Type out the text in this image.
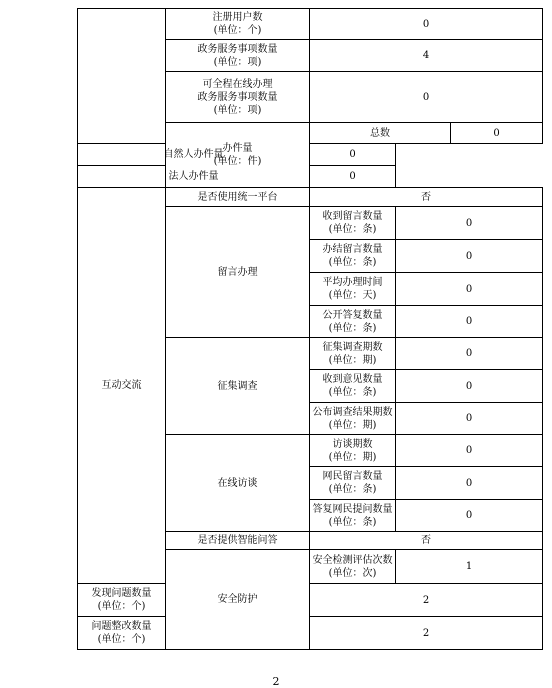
	注册用户数
(单位：个)	0		

	政务服务事项数量
(单位：项)	4		

	可全程在线办理
政务服务事项数量
(单位：项)	0		

	办件量
(单位：件)	总数		0
自然人办件量		0		
法人办件量		0		
互动交流	是否使用统一平台	否		
	留言办理	收到留言数量
(单位：条)	0	

		办结留言数量
(单位：条)	0	

		平均办理时间
(单位：天)	0	

		公开答复数量
(单位：条)	0	
	征集调查	征集调查期数
(单位：期)	0	

		收到意见数量
(单位：条)	0	

		公布调查结果期数
(单位：期)	0	
	在线访谈	访谈期数
(单位：期)	0	

		网民留言数量
(单位：条)	0	

		答复网民提问数量
(单位：条)	0	
	是否提供智能问答	否		
	安全防护	安全检测评估次数
(单位：次)	1	

发现问题数量
(单位：个)		2		

问题整改数量
(单位：个)		2		
2
